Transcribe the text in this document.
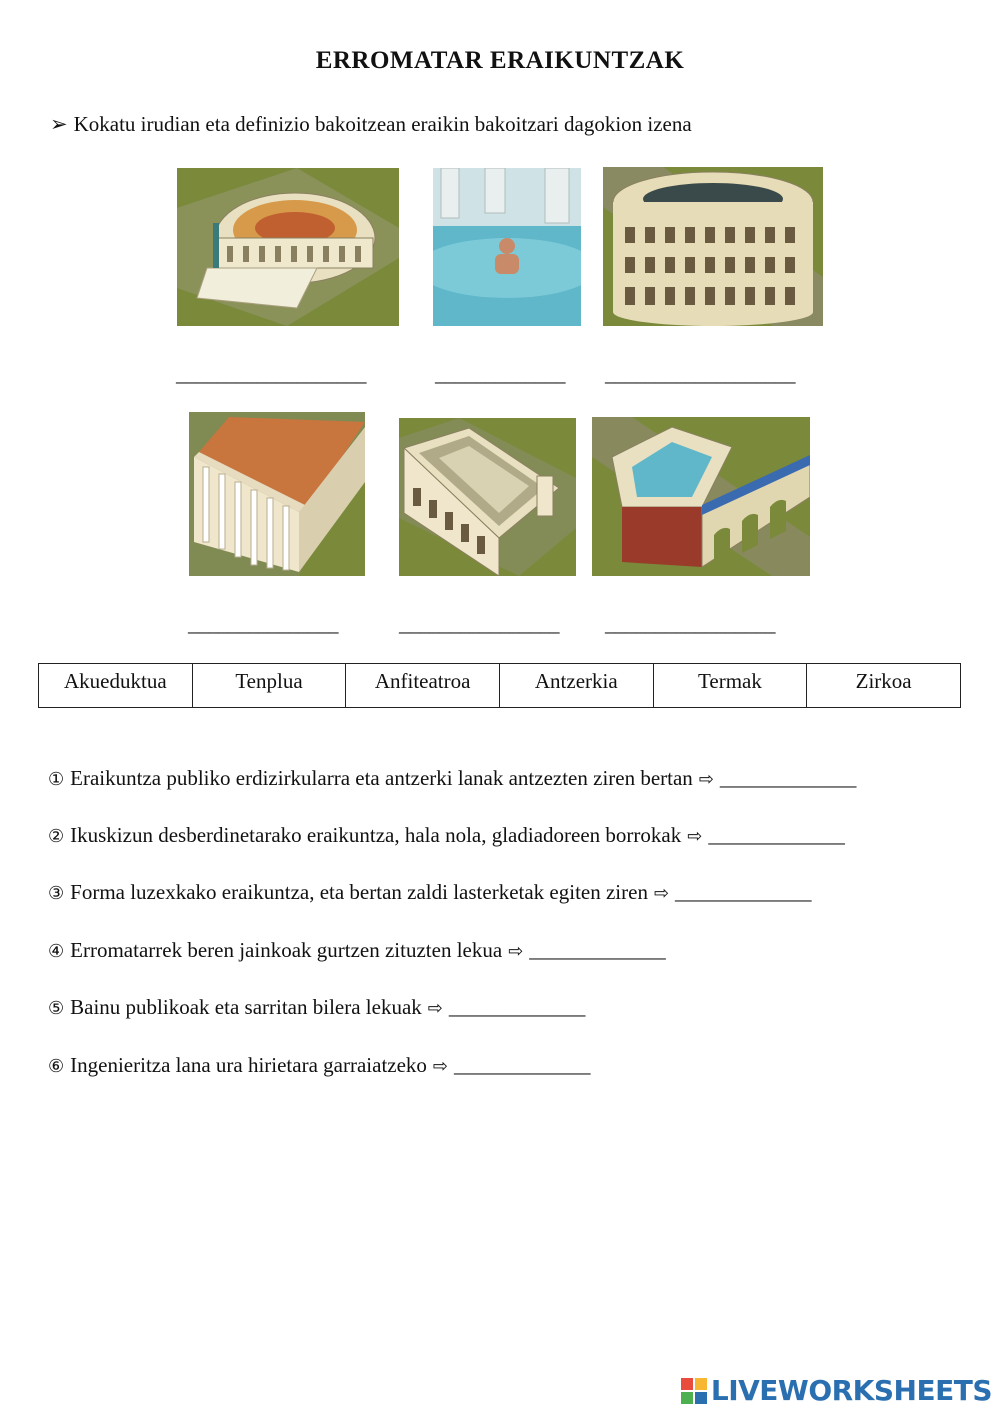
ERROMATAR ERAIKUNTZAK
➢ Kokatu irudian eta definizio bakoitzean eraikin bakoitzari dagokion izena
___________________	_____________ ___________________
_______________	________________ _________________
Akueduktua	Tenplua	Anfiteatroa	Antzerkia	Termak	Zirkoa
① Eraikuntza publiko erdizirkularra eta antzerki lanak antzezten ziren bertan ⇨ _____________
② Ikuskizun desberdinetarako eraikuntza, hala nola, gladiadoreen borrokak ⇨ _____________
③ Forma luzexkako eraikuntza, eta bertan zaldi lasterketak egiten ziren ⇨ _____________
④ Erromatarrek beren jainkoak gurtzen zituzten lekua ⇨ _____________
⑤ Bainu publikoak eta sarritan bilera lekuak ⇨ _____________
⑥ Ingenieritza lana ura hirietara garraiatzeko ⇨ _____________
LIVEWORKSHEETS
